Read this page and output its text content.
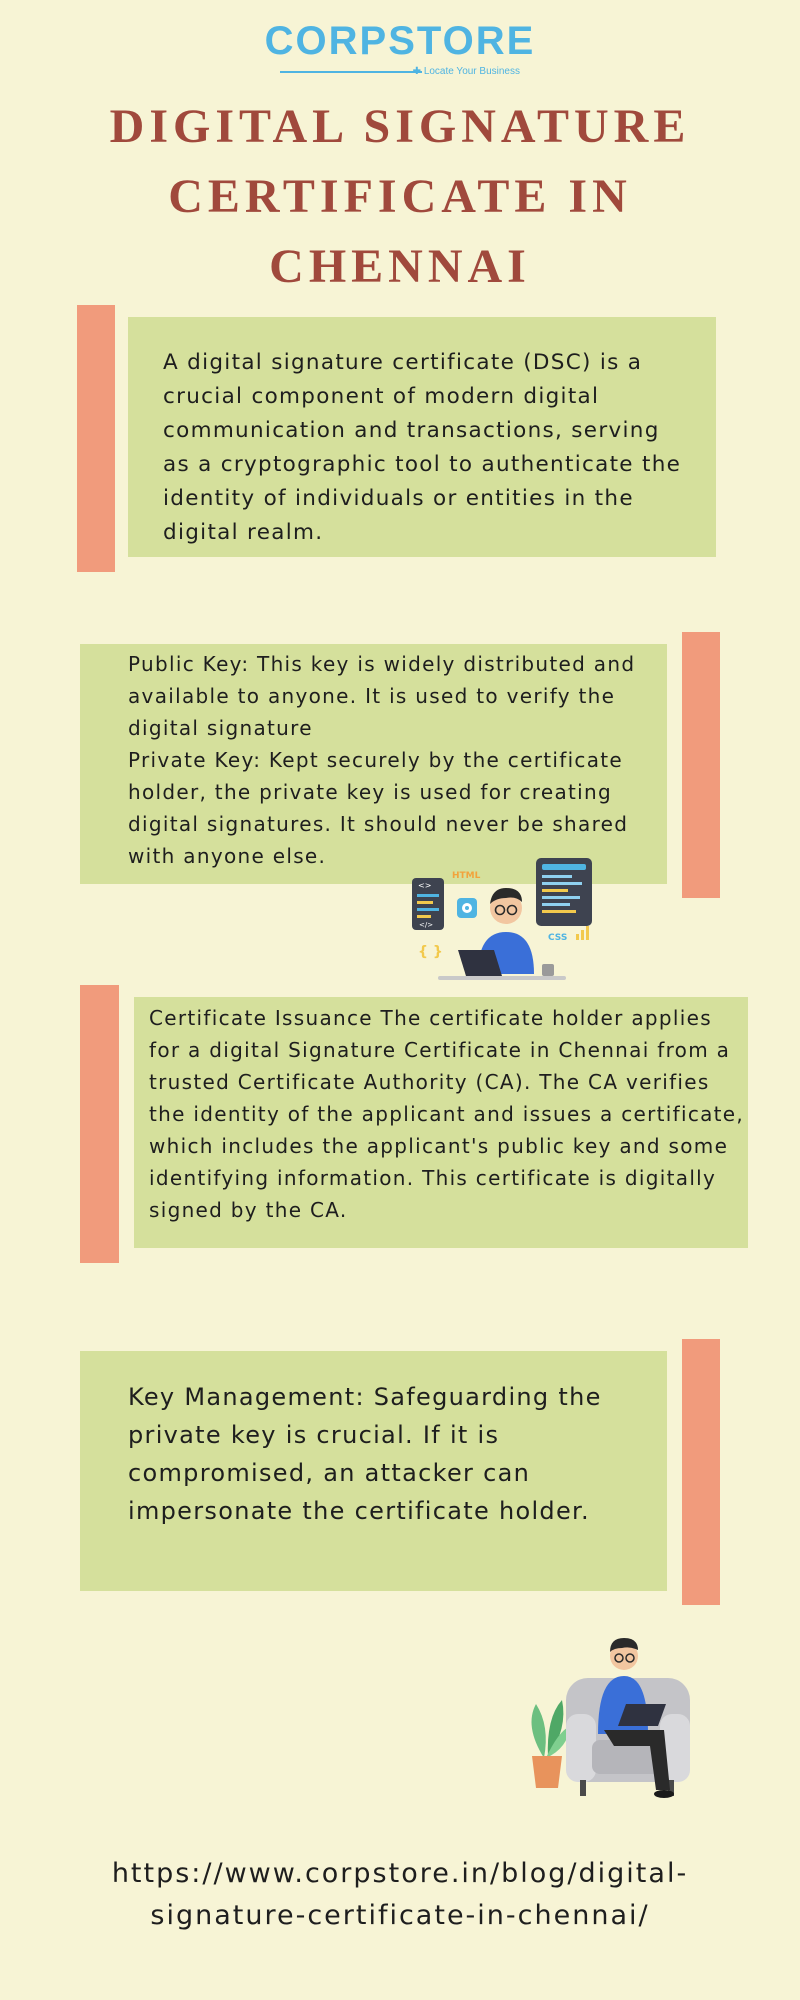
CORPSTORE
✚ Locate Your Business
DIGITAL SIGNATURE
CERTIFICATE IN
CHENNAI
A digital signature certificate (DSC) is a crucial component of modern digital communication and transactions, serving as a cryptographic tool to authenticate the identity of individuals or entities in the digital realm.
Public Key: This key is widely distributed and available to anyone. It is used to verify the digital signature
Private Key: Kept securely by the certificate holder, the private key is used for creating digital signatures. It should never be shared with anyone else.
<>
</>
HTML
{ }
CSS
Certificate Issuance The certificate holder applies for a digital Signature Certificate in Chennai from a trusted Certificate Authority (CA). The CA verifies the identity of the applicant and issues a certificate, which includes the applicant's public key and some identifying information. This certificate is digitally signed by the CA.
Key Management: Safeguarding the private key is crucial. If it is compromised, an attacker can impersonate the certificate holder.
https://www.corpstore.in/blog/digital-
signature-certificate-in-chennai/
